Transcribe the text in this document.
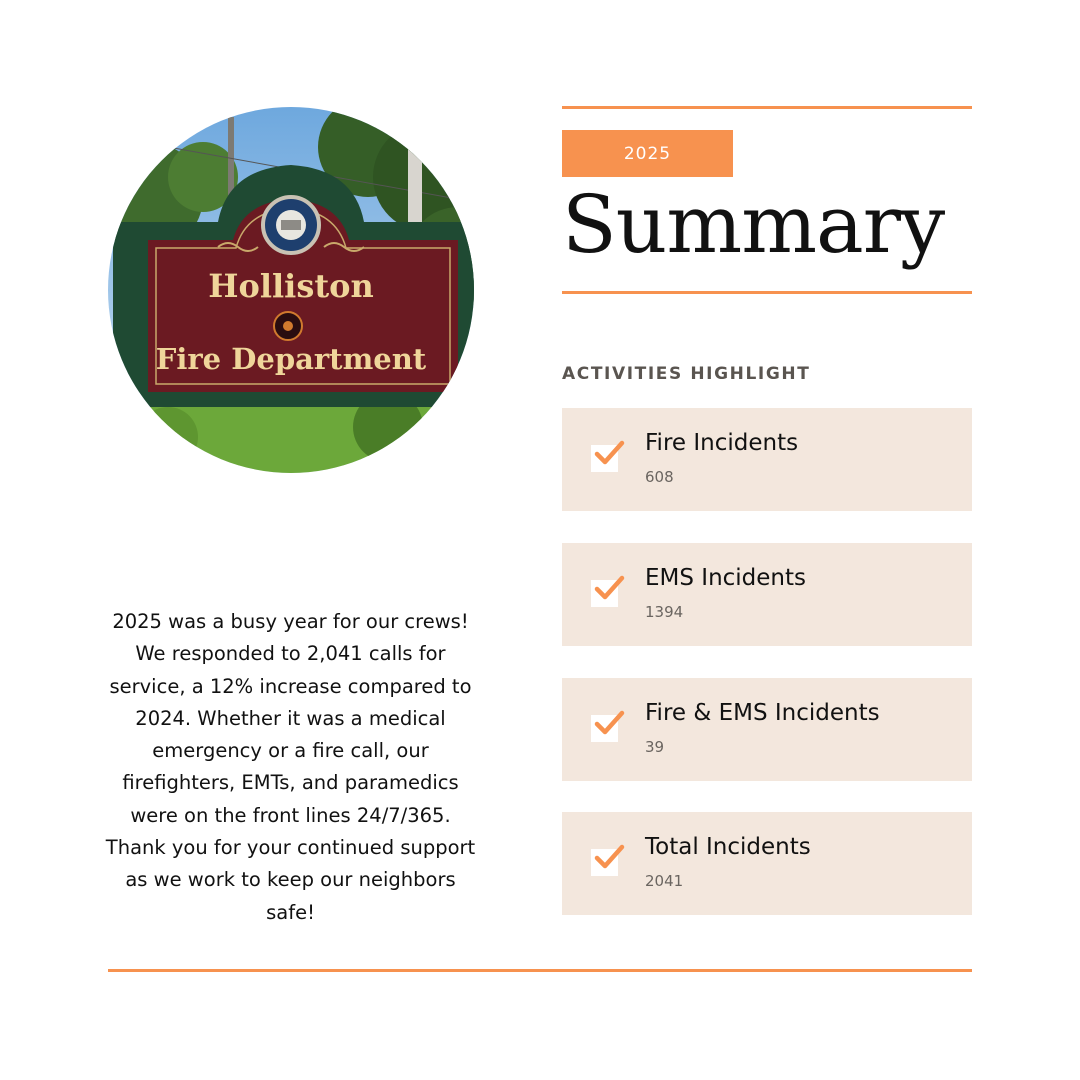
Holliston
Fire Department

2025 was a busy year for our crews! We responded to 2,041 calls for service, a 12% increase compared to 2024. Whether it was a medical emergency or a fire call, our firefighters, EMTs, and paramedics were on the front lines 24/7/365. Thank you for your continued support as we work to keep our neighbors safe!

2025
Summary
ACTIVITIES HIGHLIGHT
Fire Incidents
608
EMS Incidents
1394
Fire & EMS Incidents
39
Total Incidents
2041
